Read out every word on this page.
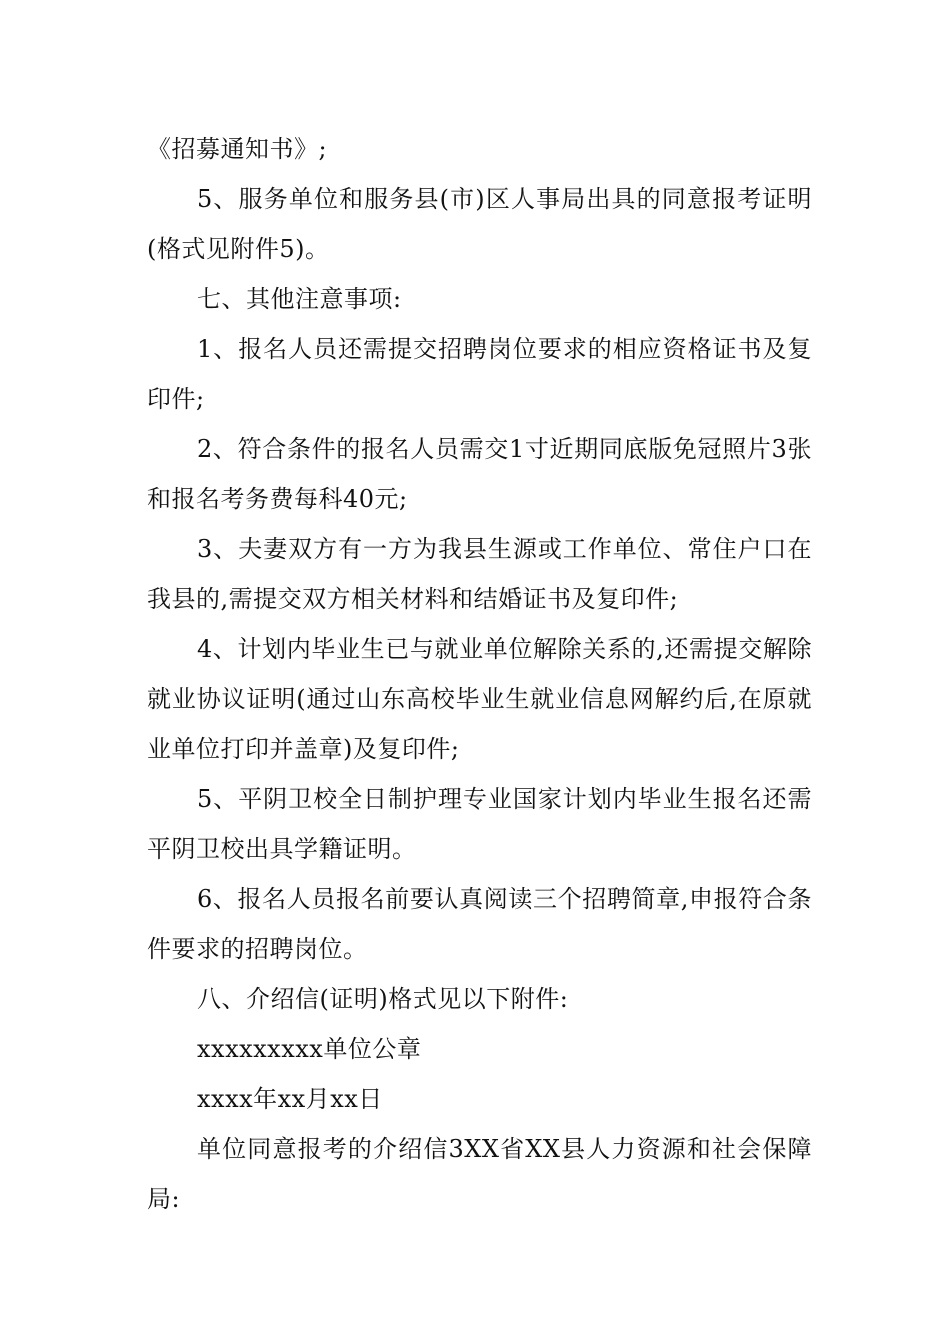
《招募通知书》;

5、服务单位和服务县(市)区人事局出具的同意报考证明(格式见附件5)。

七、其他注意事项:

1、报名人员还需提交招聘岗位要求的相应资格证书及复印件;

2、符合条件的报名人员需交1寸近期同底版免冠照片3张和报名考务费每科40元;

3、夫妻双方有一方为我县生源或工作单位、常住户口在我县的,需提交双方相关材料和结婚证书及复印件;

4、计划内毕业生已与就业单位解除关系的,还需提交解除就业协议证明(通过山东高校毕业生就业信息网解约后,在原就业单位打印并盖章)及复印件;

5、平阴卫校全日制护理专业国家计划内毕业生报名还需平阴卫校出具学籍证明。

6、报名人员报名前要认真阅读三个招聘简章,申报符合条件要求的招聘岗位。

八、介绍信(证明)格式见以下附件:

xxxxxxxxx单位公章

xxxx年xx月xx日

单位同意报考的介绍信3XX省XX县人力资源和社会保障局:
